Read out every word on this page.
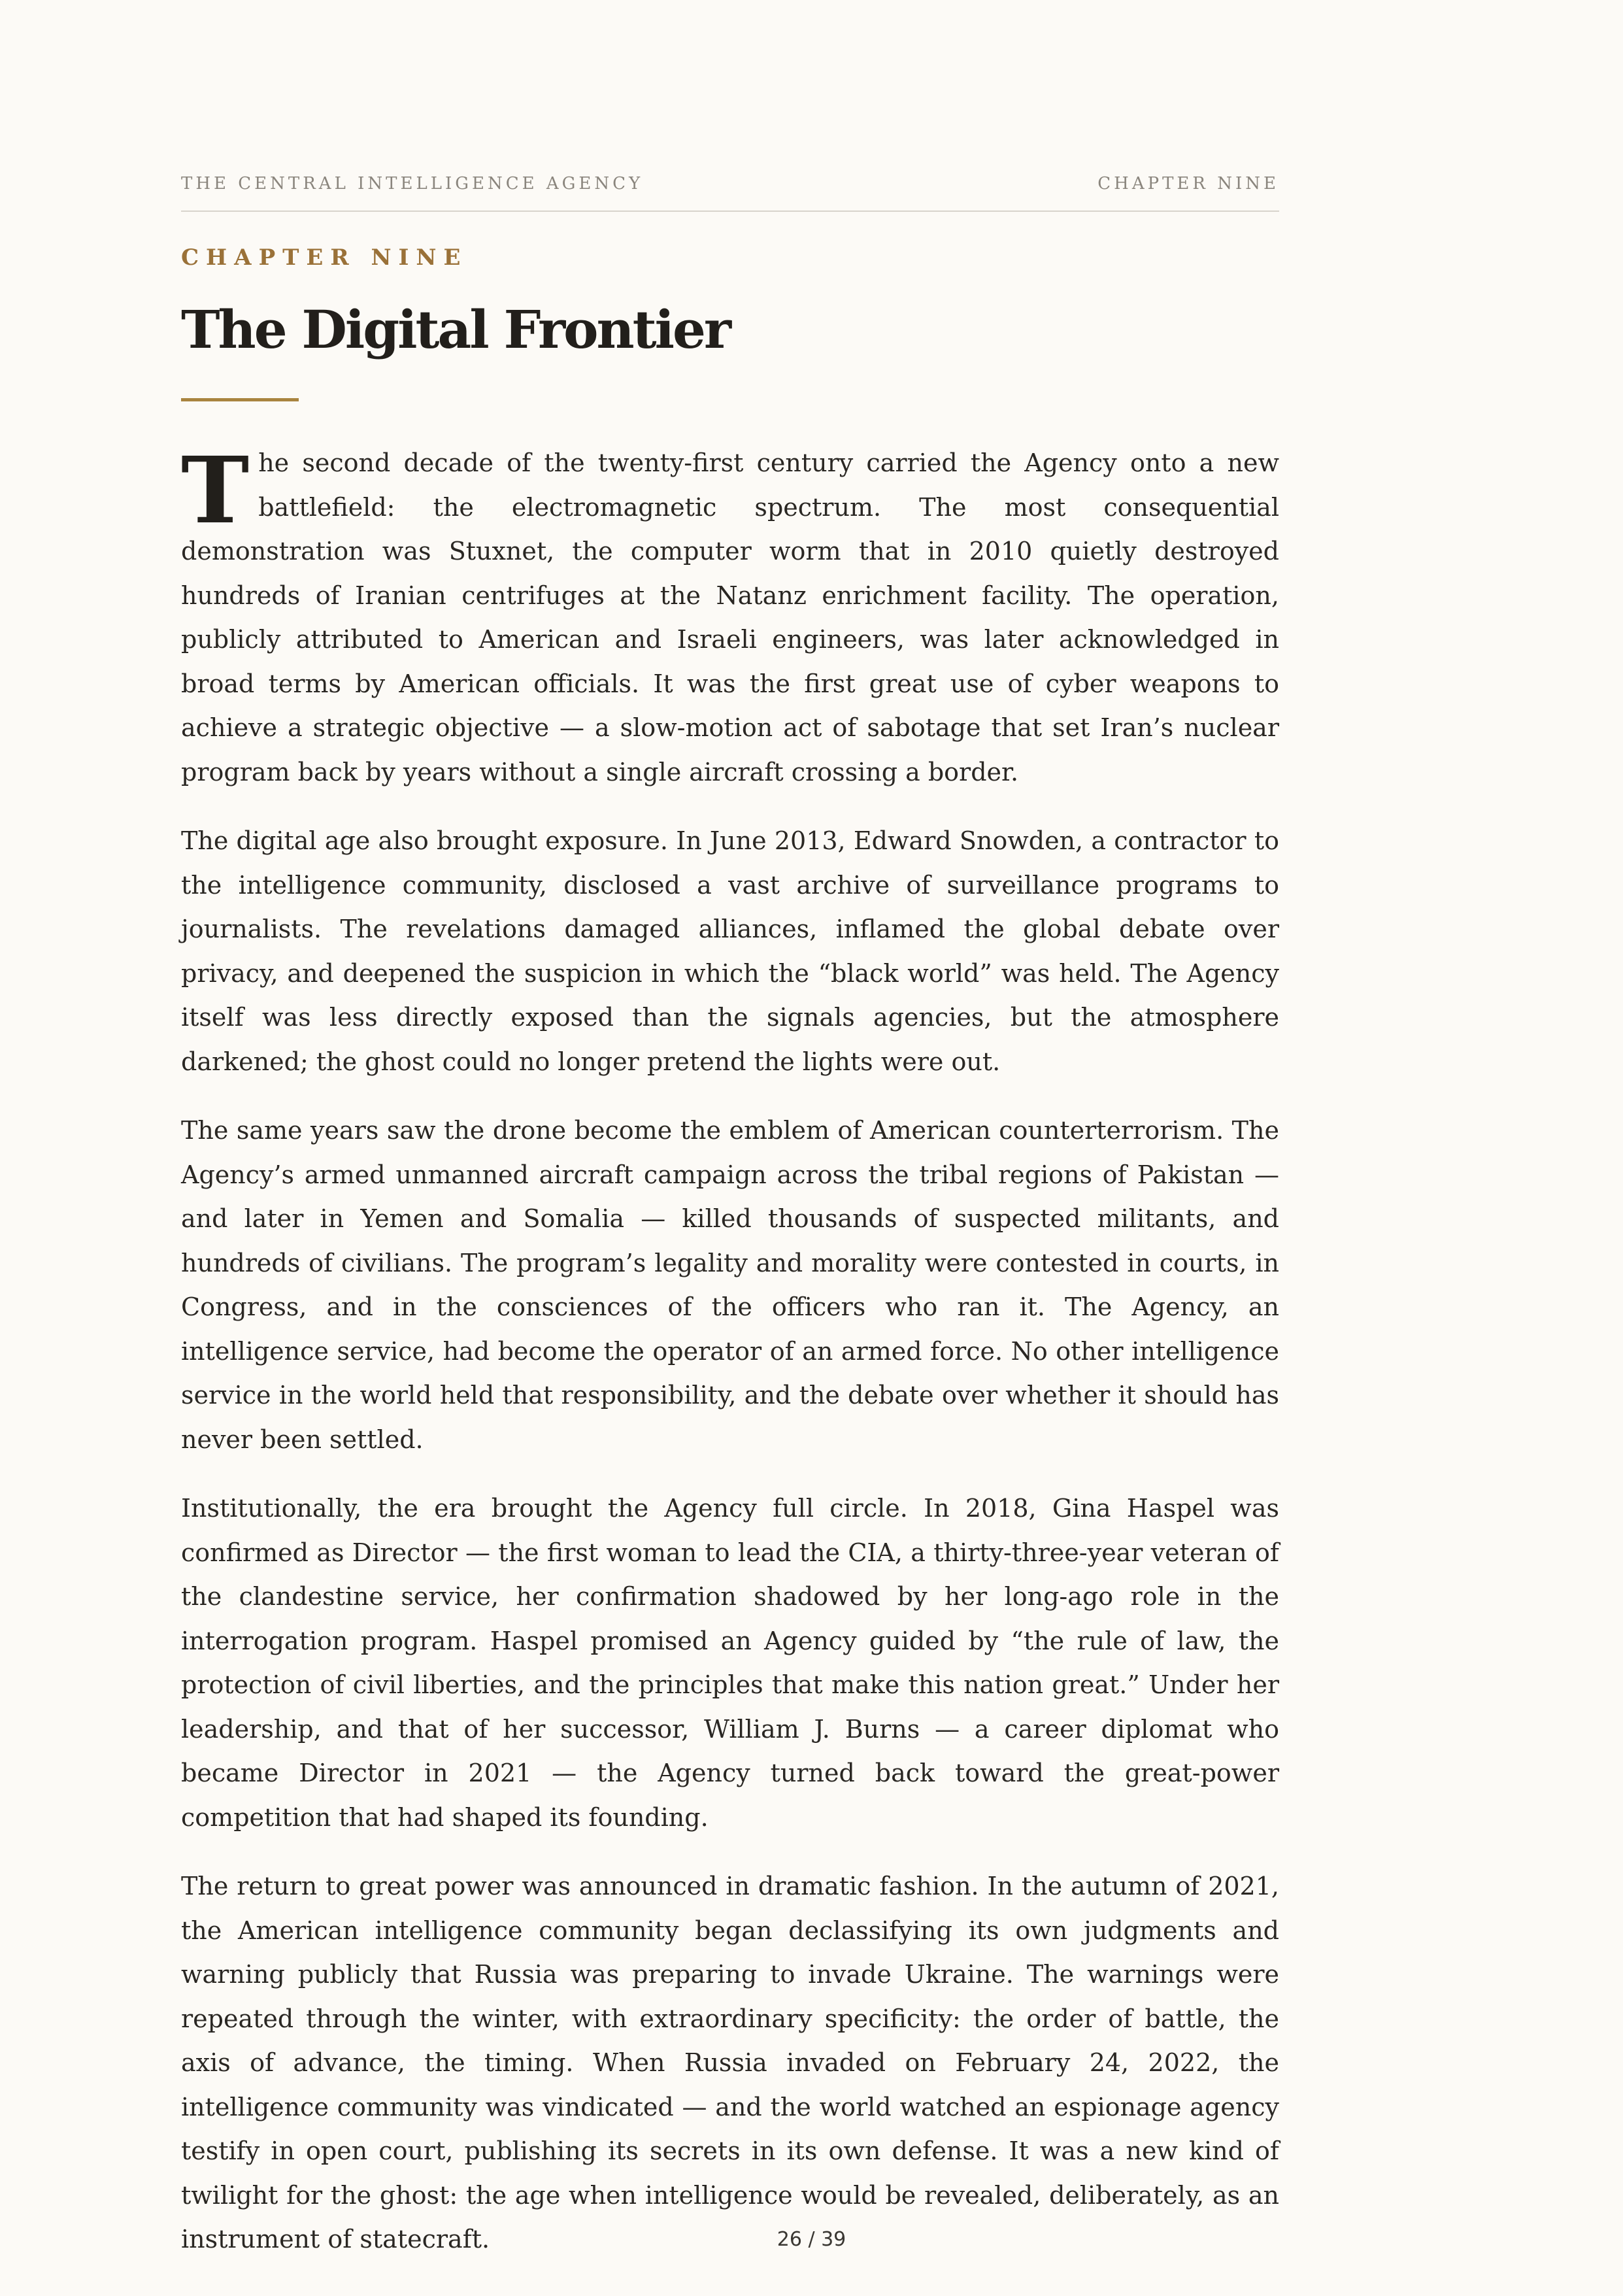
THE CENTRAL INTELLIGENCE AGENCY	CHAPTER NINE
CHAPTER NINE
The Digital Frontier

The second decade of the twenty-first century carried the Agency onto a new battlefield: the electromagnetic spectrum. The most consequential demonstration was Stuxnet, the computer worm that in 2010 quietly destroyed hundreds of Iranian centrifuges at the Natanz enrichment facility. The operation, publicly attributed to American and Israeli engineers, was later acknowledged in broad terms by American officials. It was the first great use of cyber weapons to achieve a strategic objective — a slow-motion act of sabotage that set Iran’s nuclear program back by years without a single aircraft crossing a border.

The digital age also brought exposure. In June 2013, Edward Snowden, a contractor to the intelligence community, disclosed a vast archive of surveillance programs to journalists. The revelations damaged alliances, inflamed the global debate over privacy, and deepened the suspicion in which the “black world” was held. The Agency itself was less directly exposed than the signals agencies, but the atmosphere darkened; the ghost could no longer pretend the lights were out.

The same years saw the drone become the emblem of American counterterrorism. The Agency’s armed unmanned aircraft campaign across the tribal regions of Pakistan — and later in Yemen and Somalia — killed thousands of suspected militants, and hundreds of civilians. The program’s legality and morality were contested in courts, in Congress, and in the consciences of the officers who ran it. The Agency, an intelligence service, had become the operator of an armed force. No other intelligence service in the world held that responsibility, and the debate over whether it should has never been settled.

Institutionally, the era brought the Agency full circle. In 2018, Gina Haspel was confirmed as Director — the first woman to lead the CIA, a thirty-three-year veteran of the clandestine service, her confirmation shadowed by her long-ago role in the interrogation program. Haspel promised an Agency guided by “the rule of law, the protection of civil liberties, and the principles that make this nation great.” Under her leadership, and that of her successor, William J. Burns — a career diplomat who became Director in 2021 — the Agency turned back toward the great-power competition that had shaped its founding.

The return to great power was announced in dramatic fashion. In the autumn of 2021, the American intelligence community began declassifying its own judgments and warning publicly that Russia was preparing to invade Ukraine. The warnings were repeated through the winter, with extraordinary specificity: the order of battle, the axis of advance, the timing. When Russia invaded on February 24, 2022, the intelligence community was vindicated — and the world watched an espionage agency testify in open court, publishing its secrets in its own defense. It was a new kind of twilight for the ghost: the age when intelligence would be revealed, deliberately, as an instrument of statecraft.	26 / 39
